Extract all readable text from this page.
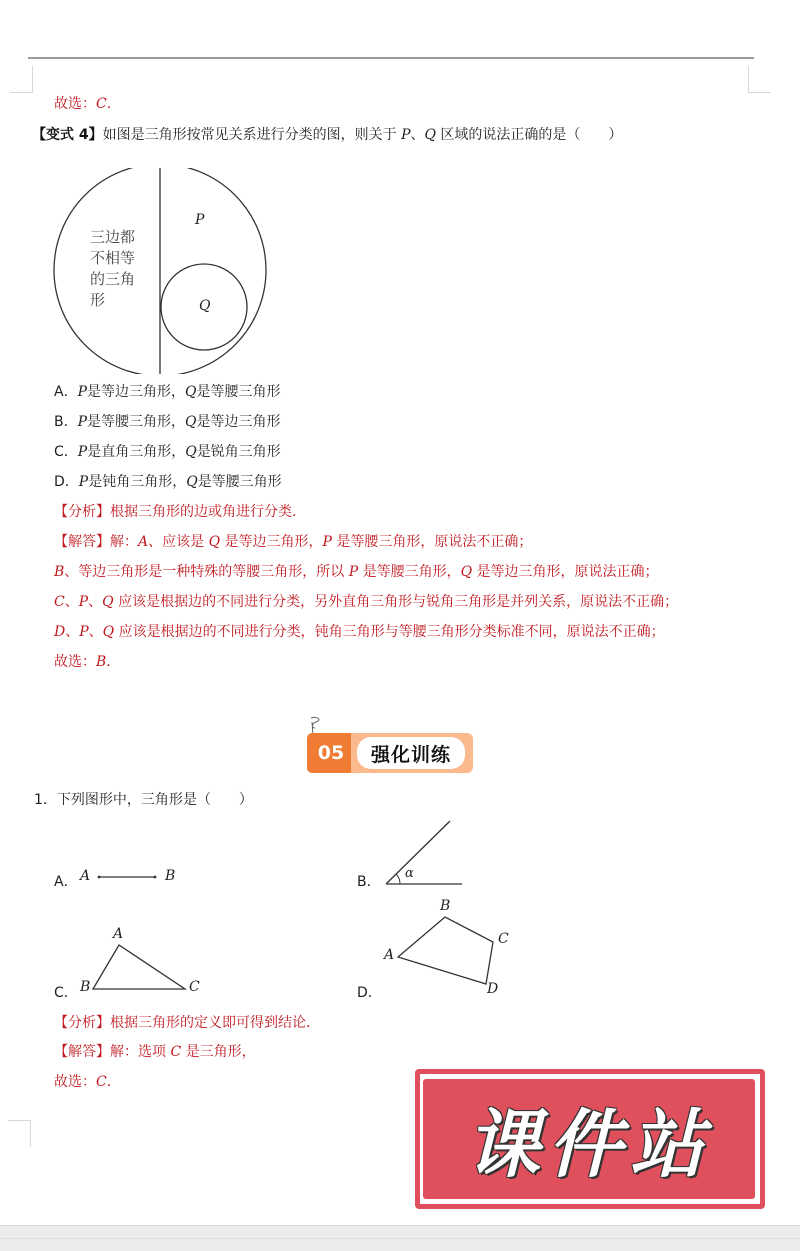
故选：C.
【变式 4】如图是三角形按常见关系进行分类的图，则关于 P、Q 区域的说法正确的是（　　）
三边都
不相等
的三角
形
P
Q
A．P是等边三角形，Q是等腰三角形
B．P是等腰三角形，Q是等边三角形
C．P是直角三角形，Q是锐角三角形
D．P是钝角三角形，Q是等腰三角形
【分析】根据三角形的边或角进行分类．
【解答】解：A、应该是 Q 是等边三角形，P 是等腰三角形，原说法不正确；
B、等边三角形是一种特殊的等腰三角形，所以 P 是等腰三角形，Q 是等边三角形，原说法正确；
C、P、Q 应该是根据边的不同进行分类，另外直角三角形与锐角三角形是并列关系，原说法不正确；
D、P、Q 应该是根据边的不同进行分类，钝角三角形与等腰三角形分类标准不同，原说法不正确；
故选：B．
05	强化训练
1．下列图形中，三角形是（　　）
A． A	B	B．
α
C．
A
B	C	D．
B
A
C
D
【分析】根据三角形的定义即可得到结论．
【解答】解：选项 C 是三角形，
故选：C．
课件站
